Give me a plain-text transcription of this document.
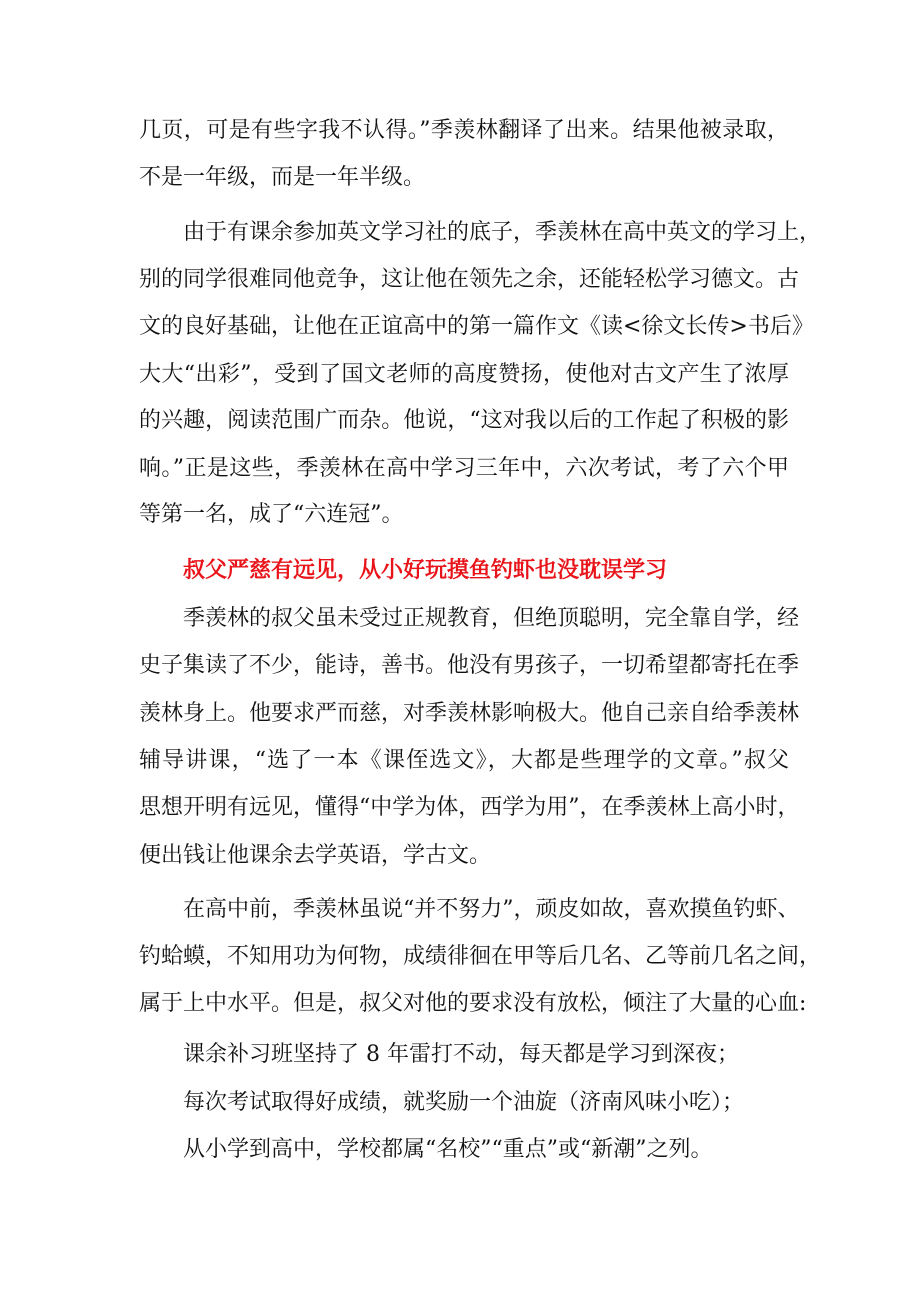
几页，可是有些字我不认得。”季羡林翻译了出来。结果他被录取，
不是一年级，而是一年半级。
由于有课余参加英文学习社的底子，季羡林在高中英文的学习上，
别的同学很难同他竞争，这让他在领先之余，还能轻松学习德文。古
文的良好基础，让他在正谊高中的第一篇作文《读<徐文长传>书后》
大大“出彩”，受到了国文老师的高度赞扬，使他对古文产生了浓厚
的兴趣，阅读范围广而杂。他说，“这对我以后的工作起了积极的影
响。”正是这些，季羡林在高中学习三年中，六次考试，考了六个甲
等第一名，成了“六连冠”。
叔父严慈有远见，从小好玩摸鱼钓虾也没耽误学习
季羡林的叔父虽未受过正规教育，但绝顶聪明，完全靠自学，经
史子集读了不少，能诗，善书。他没有男孩子，一切希望都寄托在季
羡林身上。他要求严而慈，对季羡林影响极大。他自己亲自给季羡林
辅导讲课，“选了一本《课侄选文》，大都是些理学的文章。”叔父
思想开明有远见，懂得“中学为体，西学为用”，在季羡林上高小时，
便出钱让他课余去学英语，学古文。
在高中前，季羡林虽说“并不努力”，顽皮如故，喜欢摸鱼钓虾、
钓蛤蟆，不知用功为何物，成绩徘徊在甲等后几名、乙等前几名之间，
属于上中水平。但是，叔父对他的要求没有放松，倾注了大量的心血:
课余补习班坚持了 8 年雷打不动，每天都是学习到深夜；
每次考试取得好成绩，就奖励一个油旋（济南风味小吃）；
从小学到高中，学校都属“名校”“重点”或“新潮”之列。
